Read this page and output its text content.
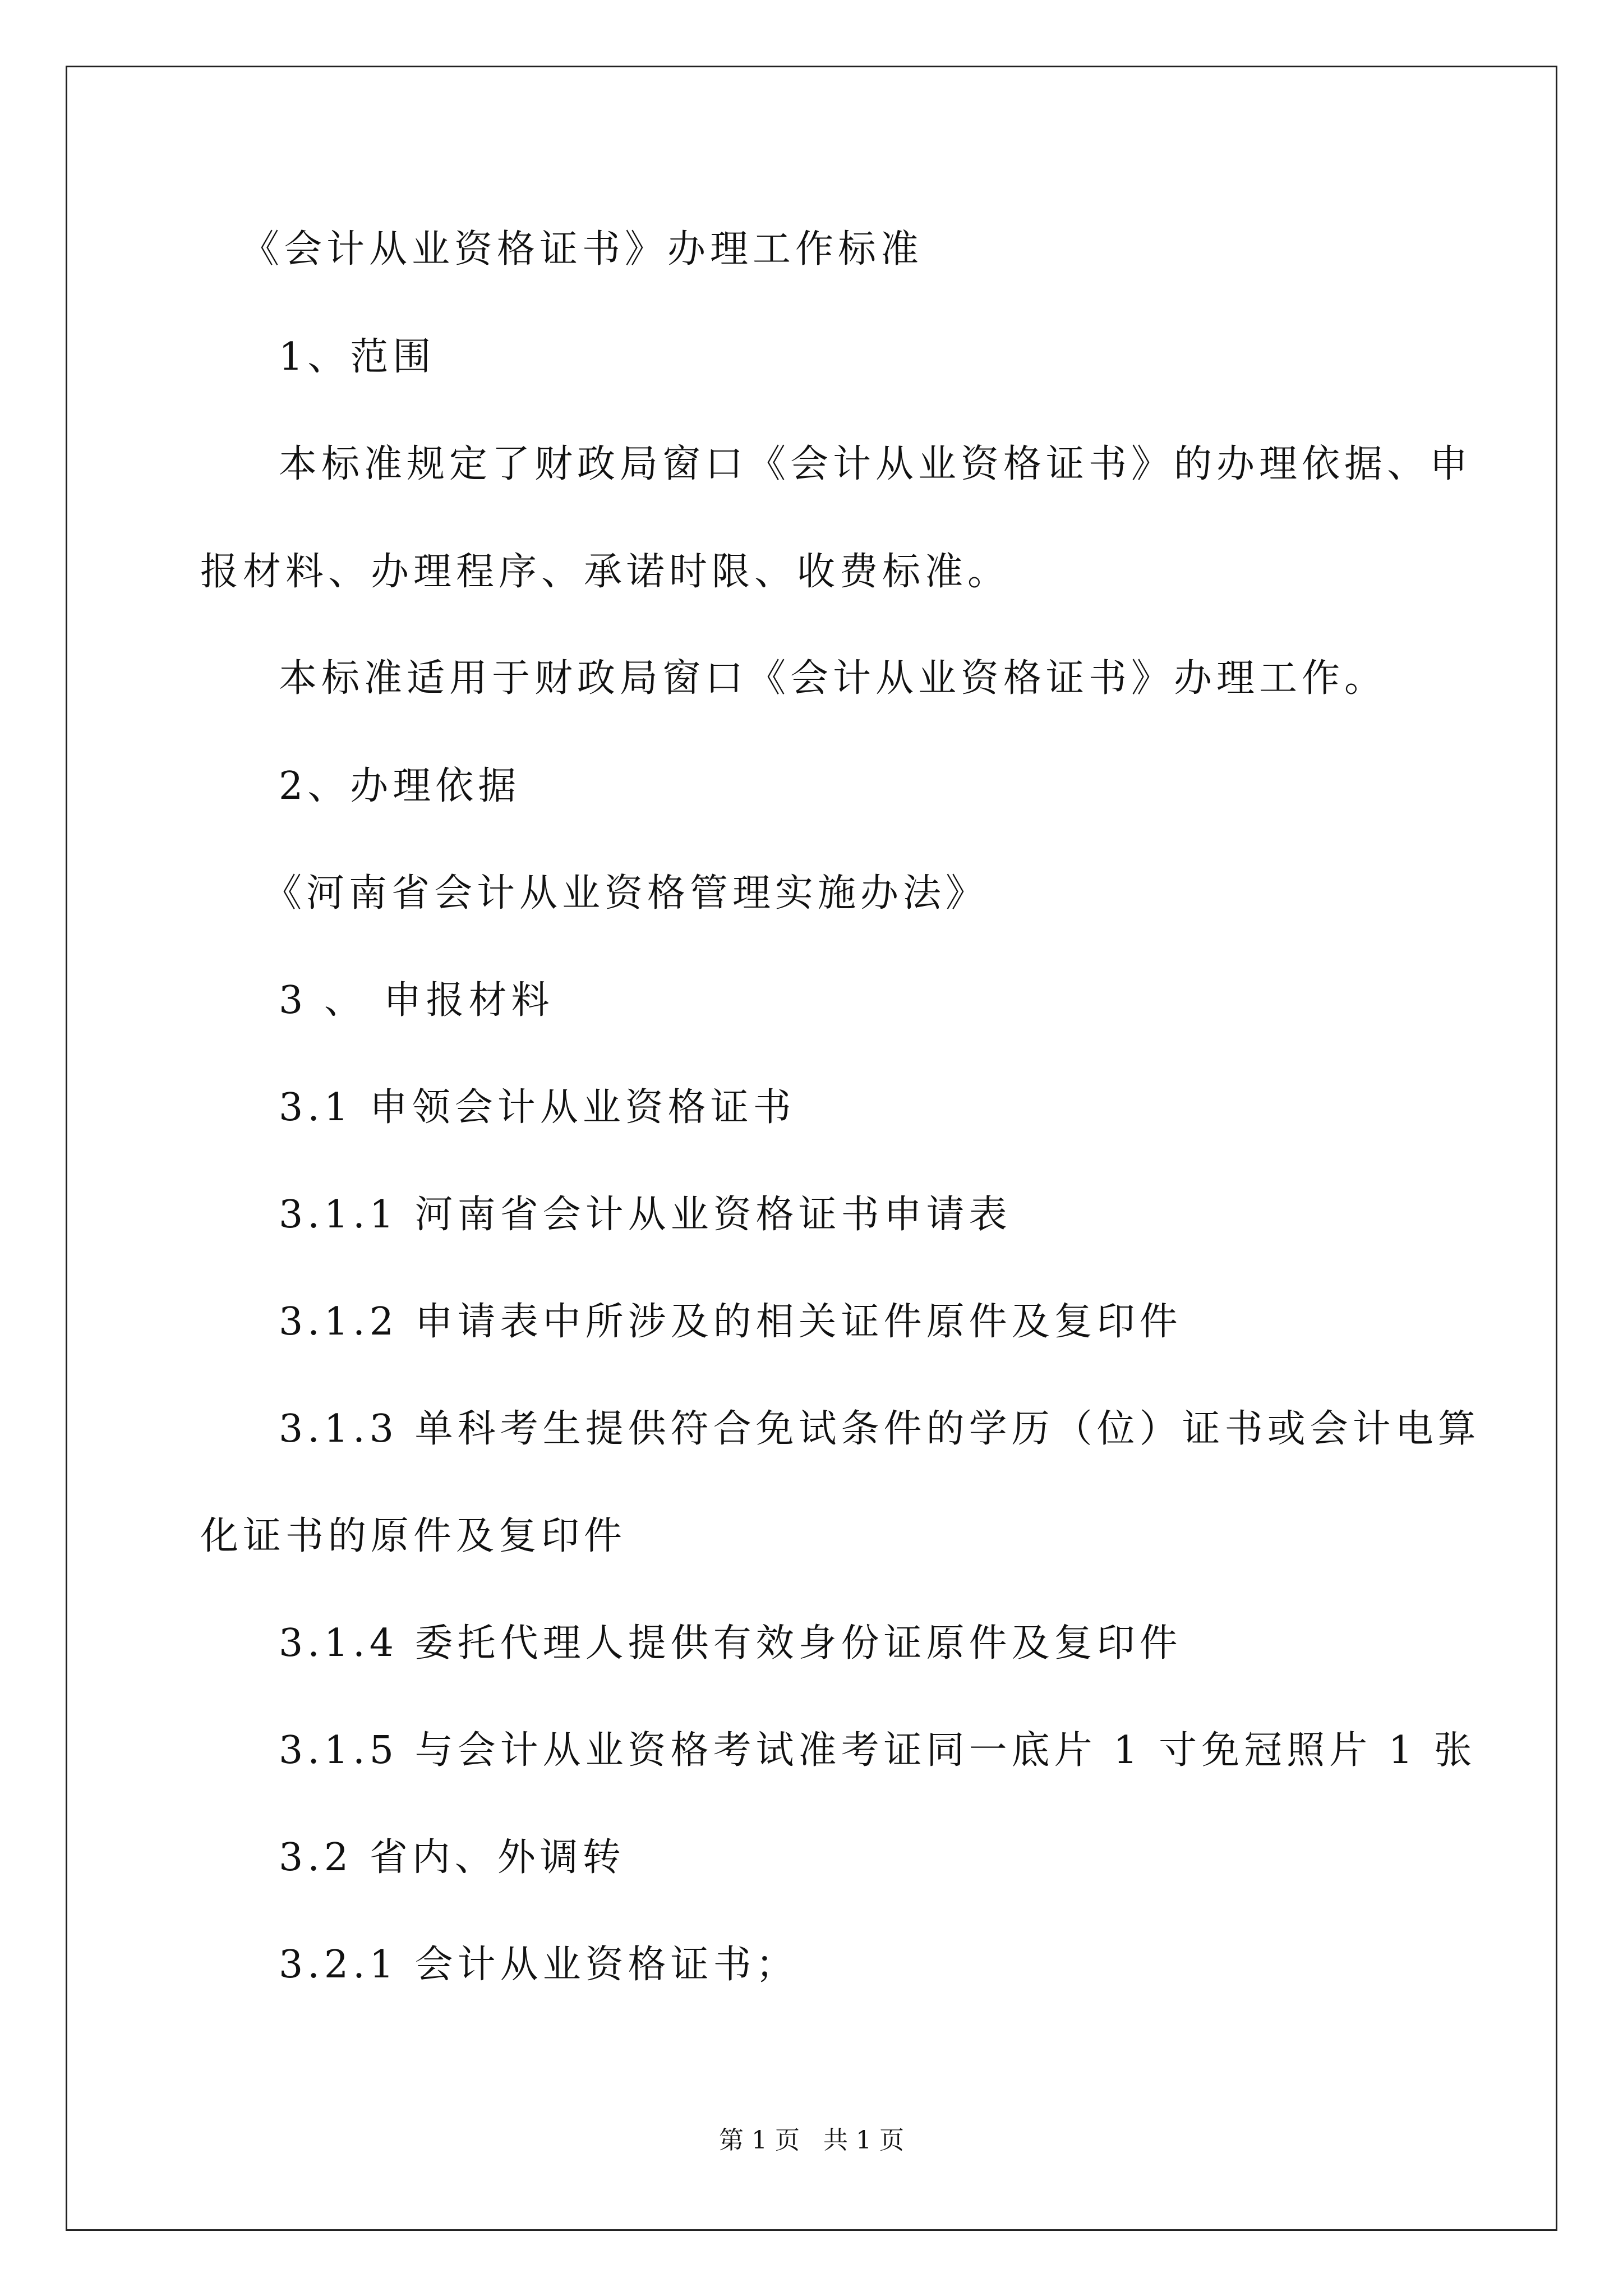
《会计从业资格证书》办理工作标准
1、范围
本标准规定了财政局窗口《会计从业资格证书》的办理依据、申
报材料、办理程序、承诺时限、收费标准。
本标准适用于财政局窗口《会计从业资格证书》办理工作。
2、办理依据
《河南省会计从业资格管理实施办法》
3 、 申报材料
3.1 申领会计从业资格证书
3.1.1 河南省会计从业资格证书申请表
3.1.2 申请表中所涉及的相关证件原件及复印件
3.1.3 单科考生提供符合免试条件的学历（位）证书或会计电算
化证书的原件及复印件
3.1.4 委托代理人提供有效身份证原件及复印件
3.1.5 与会计从业资格考试准考证同一底片 1 寸免冠照片 1 张
3.2 省内、外调转
3.2.1 会计从业资格证书；
第 1 页   共 1 页
